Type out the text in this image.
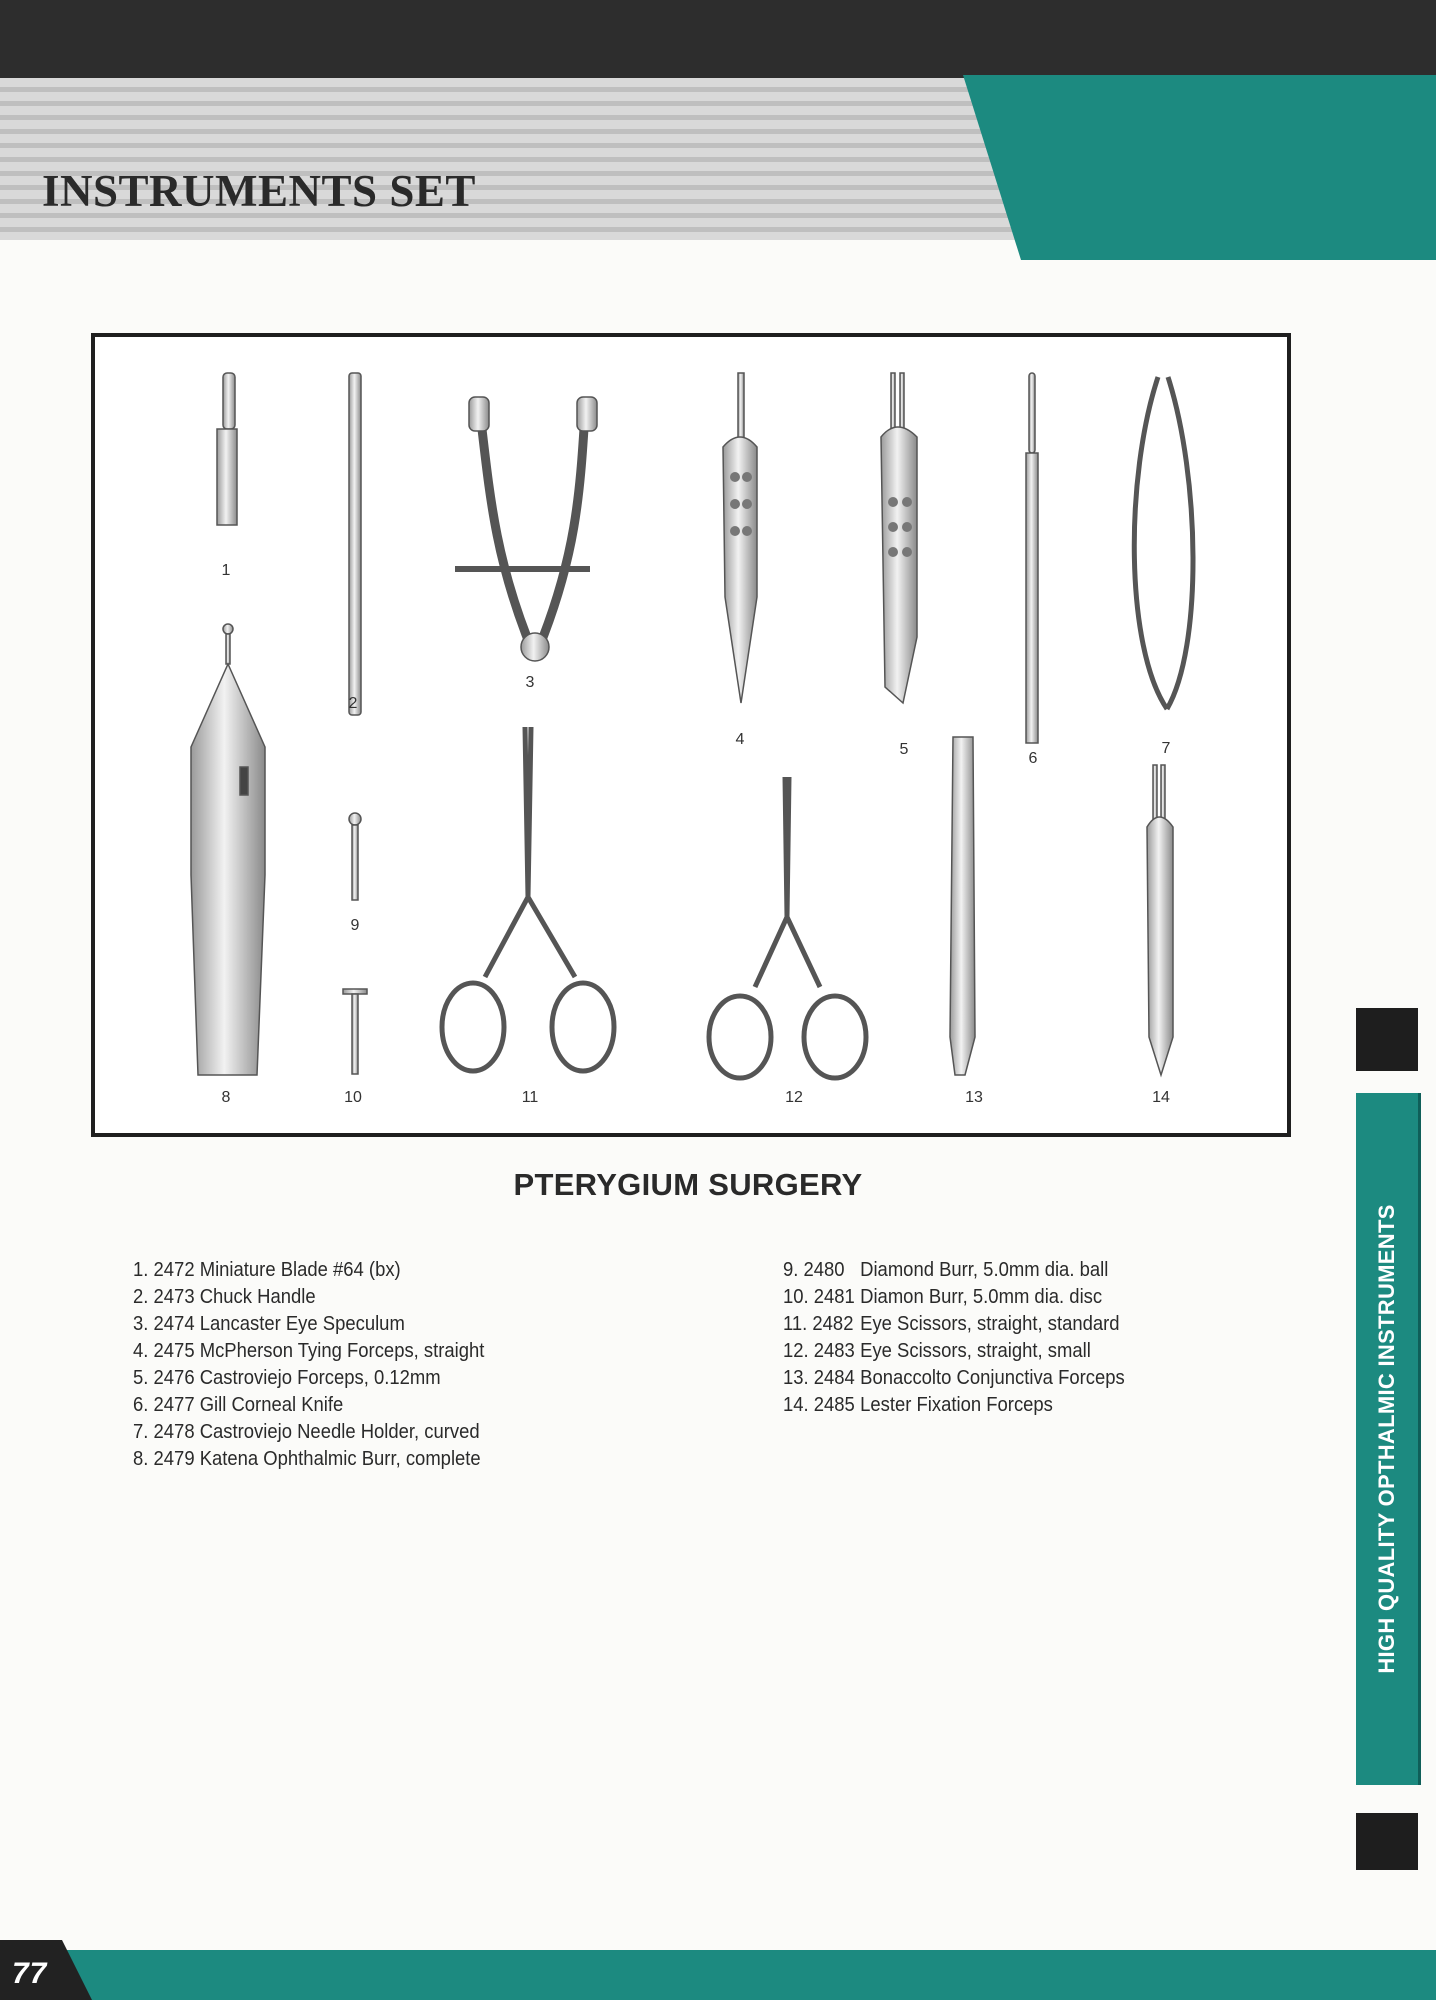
INSTRUMENTS SET
1
2
3
4
5
6
7
8
9
10	11	12	13	14
PTERYGIUM SURGERY
1. 2472 Miniature Blade #64 (bx)
2. 2473 Chuck Handle
3. 2474 Lancaster Eye Speculum
4. 2475 McPherson Tying Forceps, straight
5. 2476 Castroviejo Forceps, 0.12mm
6. 2477 Gill Corneal Knife
7. 2478 Castroviejo Needle Holder, curved
8. 2479 Katena Ophthalmic Burr, complete
9. 2480 Diamond Burr, 5.0mm dia. ball
10. 2481 Diamon Burr, 5.0mm dia. disc
11. 2482 Eye Scissors, straight, standard
12. 2483 Eye Scissors, straight, small
13. 2484 Bonaccolto Conjunctiva Forceps
14. 2485 Lester Fixation Forceps	HIGH QUALITY OPTHALMIC INSTRUMENTS
77
